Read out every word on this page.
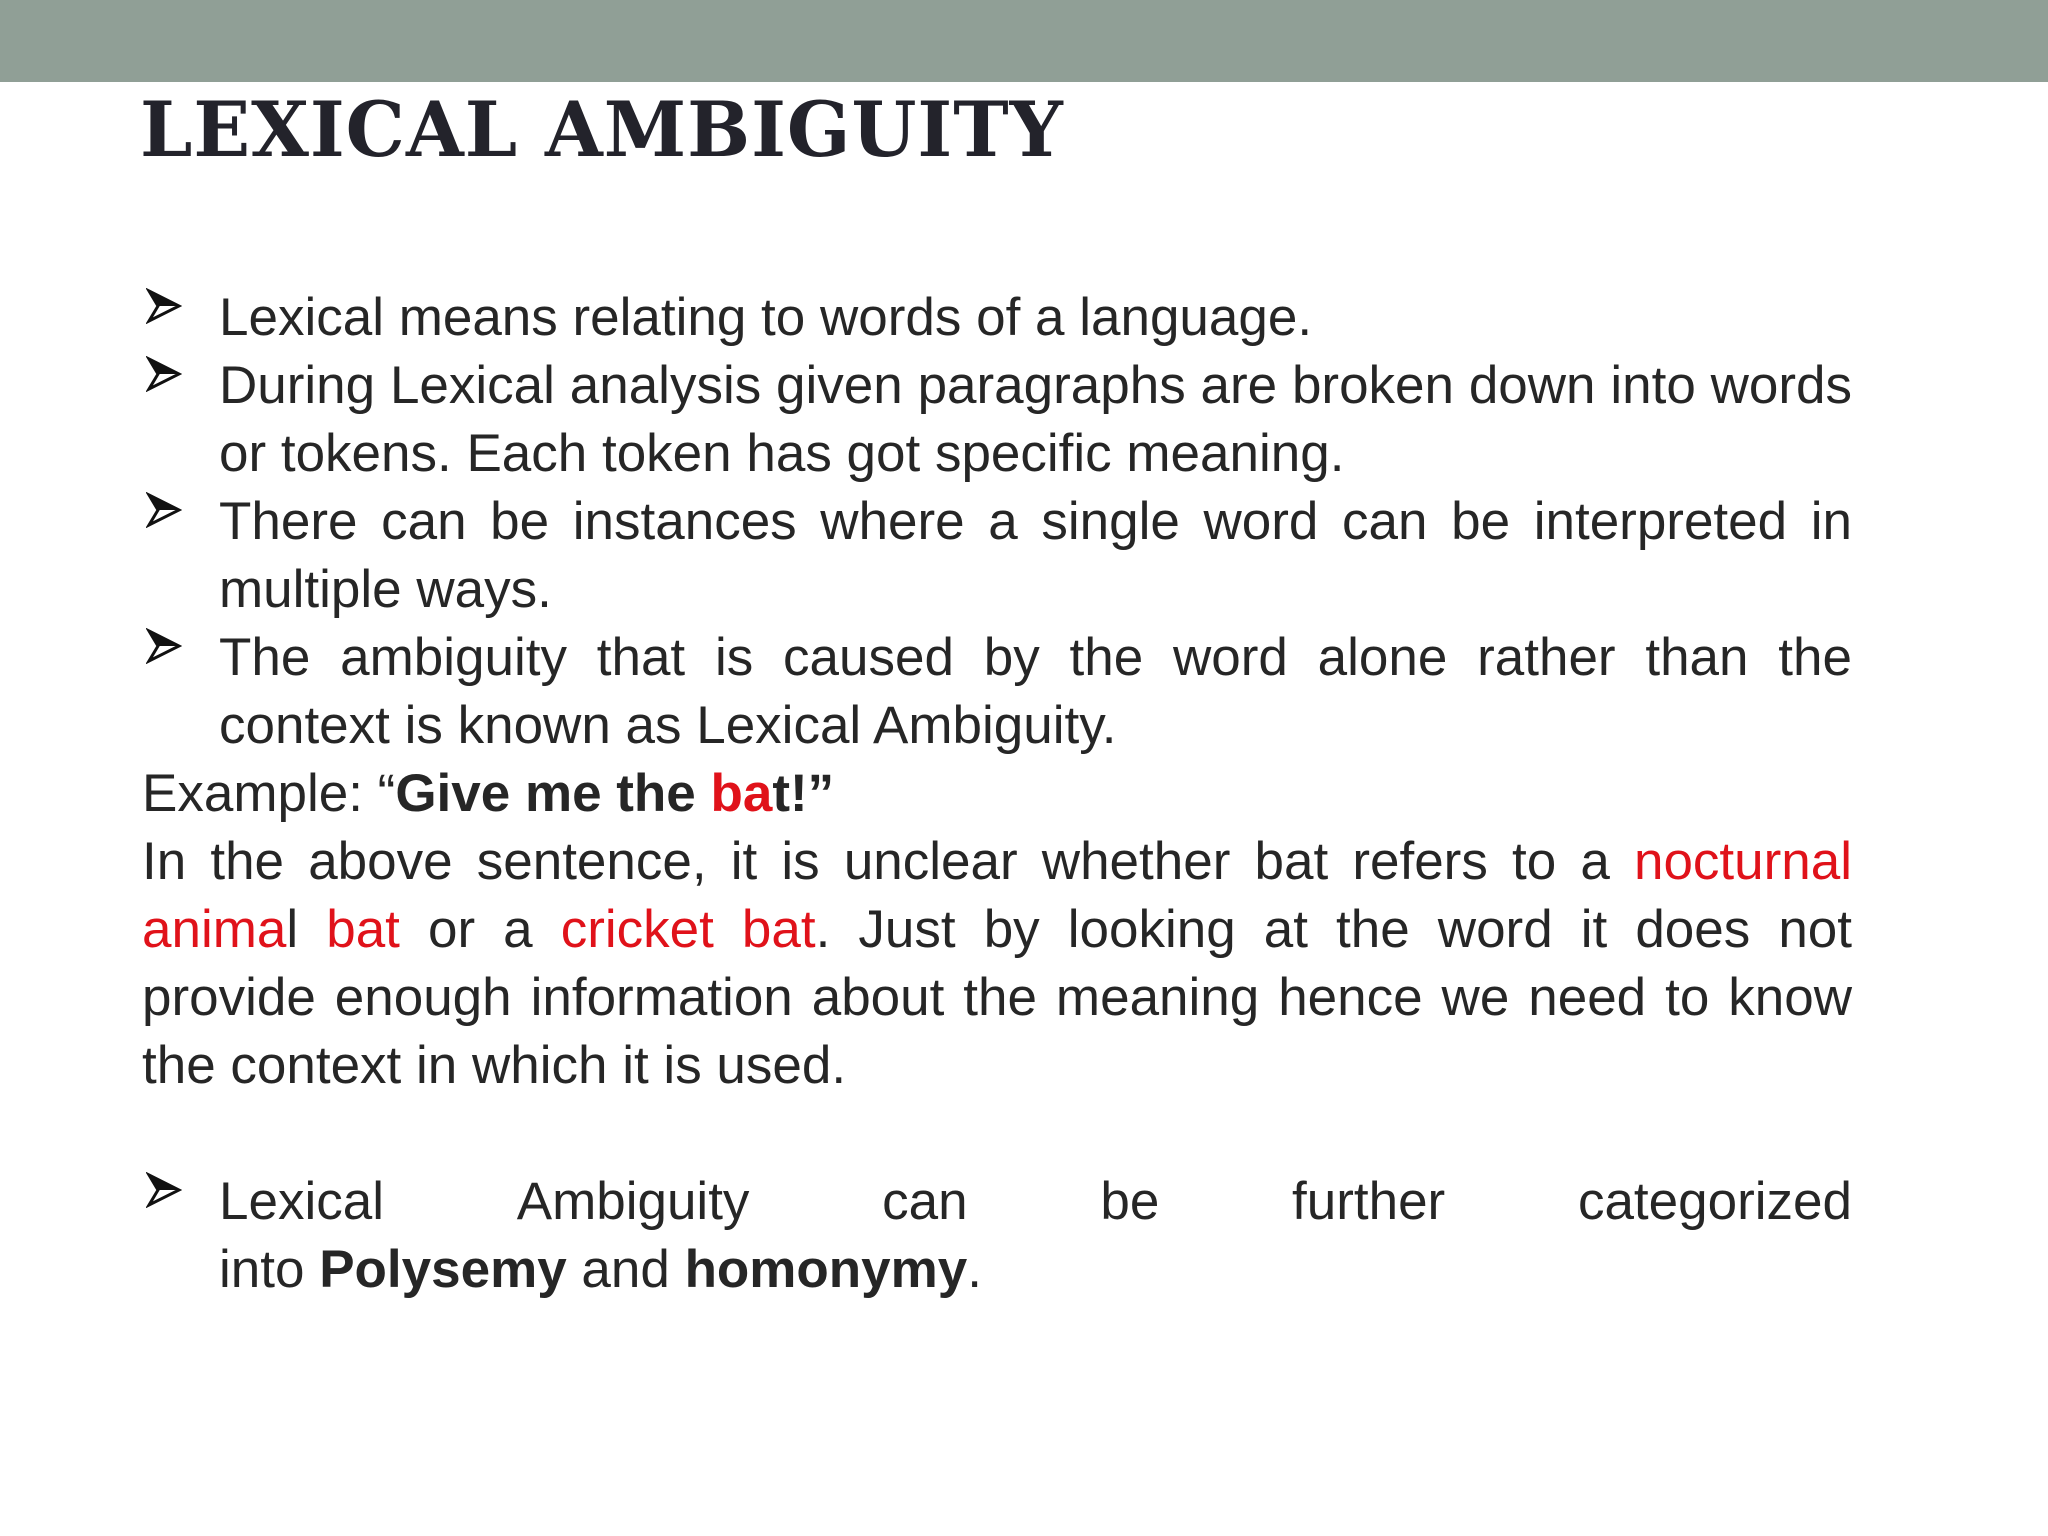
LEXICAL AMBIGUITY
Lexical means relating to words of a language.
During Lexical analysis given paragraphs are broken down into words or tokens. Each token has got specific meaning.
There can be instances where a single word can be interpreted in multiple ways.
The ambiguity that is caused by the word alone rather than the context is known as Lexical Ambiguity.
Example: “Give me the bat!”
In the above sentence, it is unclear whether bat refers to a nocturnal animal bat or a cricket bat. Just by looking at the word it does not provide enough information about the meaning hence we need to know the context in which it is used.
Lexical	Ambiguity	can	be	further	categorized
into Polysemy and homonymy.
